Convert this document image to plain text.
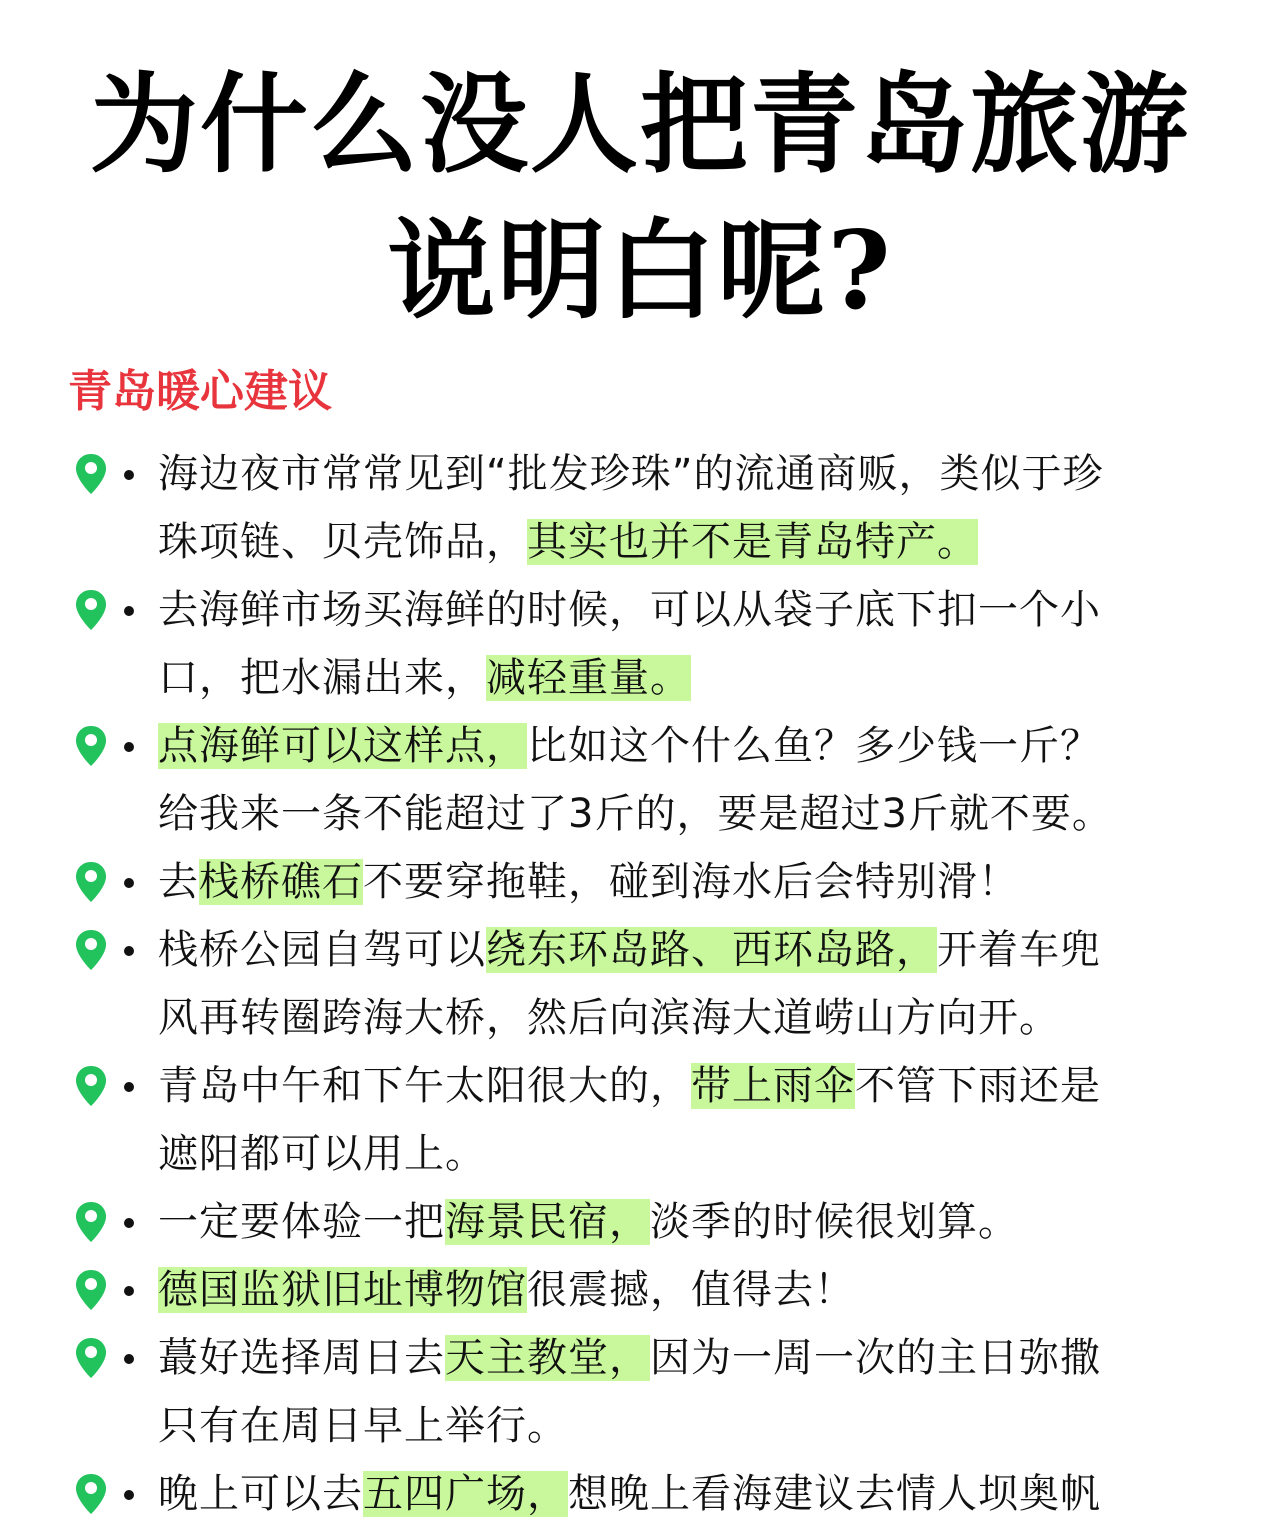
为什么没人把青岛旅游
说明白呢?
青岛暖心建议
海边夜市常常见到“批发珍珠”的流通商贩，类似于珍
珠项链、贝壳饰品，其实也并不是青岛特产。
去海鲜市场买海鲜的时候，可以从袋子底下扣一个小
口，把水漏出来，减轻重量。
点海鲜可以这样点，比如这个什么鱼？多少钱一斤？
给我来一条不能超过了3斤的，要是超过3斤就不要。
去栈桥礁石不要穿拖鞋，碰到海水后会特别滑！
栈桥公园自驾可以绕东环岛路、西环岛路，开着车兜
风再转圈跨海大桥，然后向滨海大道崂山方向开。
青岛中午和下午太阳很大的，带上雨伞不管下雨还是
遮阳都可以用上。
一定要体验一把海景民宿，淡季的时候很划算。
德国监狱旧址博物馆很震撼，值得去！
蕞好选择周日去天主教堂，因为一周一次的主日弥撒
只有在周日早上举行。
晚上可以去五四广场，想晚上看海建议去情人坝奥帆
